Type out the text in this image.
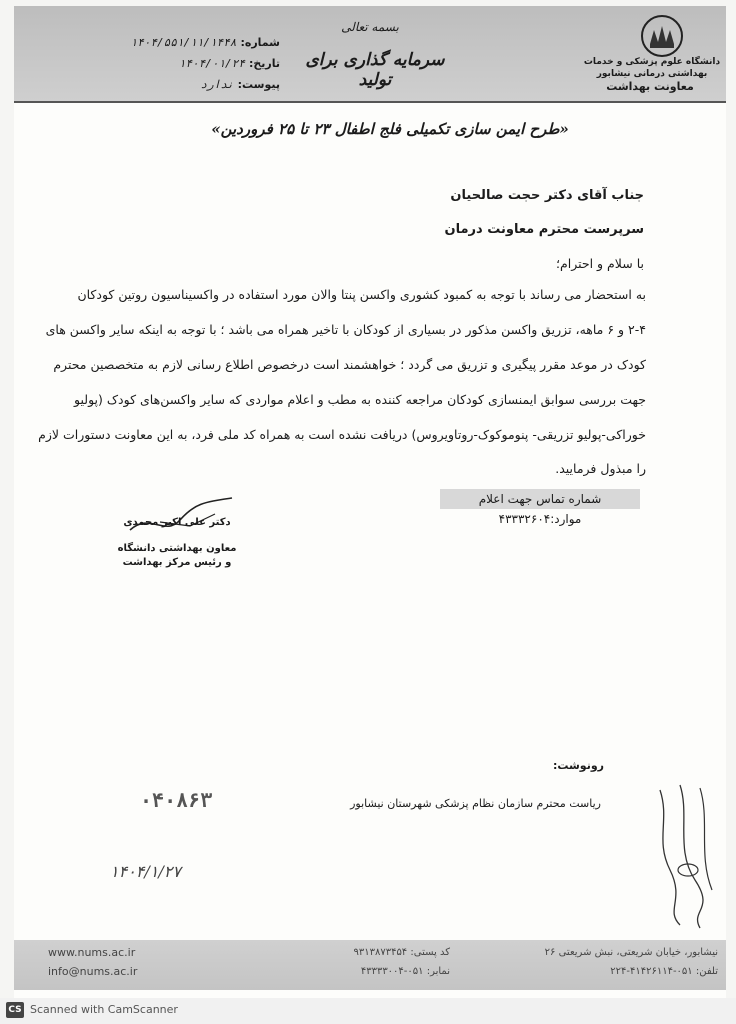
دانشگاه علوم پزشکی و خدمات بهداشتی درمانی نیشابور
معاونت بهداشت
بسمه تعالی
سرمایه گذاری برای تولید
شماره:۱۴۰۴/۵۵۱/۱۱/۱۴۴۸
تاریخ:۱۴۰۴/۰۱/۲۴
پیوست:ندارد
«طرح ایمن سازی تکمیلی فلج اطفال ۲۳ تا ۲۵ فروردین»
جناب آقای دکتر حجت صالحیان
سرپرست محترم معاونت درمان
با سلام و احترام؛
به استحضار می رساند با توجه به کمبود کشوری واکسن پنتا والان مورد استفاده در واکسیناسیون روتین کودکان
۲-۴ و ۶ ماهه، تزریق واکسن مذکور در بسیاری از کودکان با تاخیر همراه می باشد ؛ با توجه به اینکه سایر واکسن های
کودک در موعد مقرر پیگیری و تزریق می گردد ؛ خواهشمند است درخصوص اطلاع رسانی لازم به متخصصین محترم
جهت بررسی سوابق ایمنسازی کودکان مراجعه کننده به مطب و اعلام مواردی که سایر واکسن‌های کودک (پولیو
خوراکی-پولیو تزریقی- پنوموکوک-روتاویروس) دریافت نشده است به همراه کد ملی فرد، به این معاونت دستورات لازم
را مبذول فرمایید.
شماره تماس جهت اعلام موارد:۴۳۳۳۲۶۰۴
دکتر علی اکبر محمدی
معاون بهداشتی دانشگاه
و رئیس مرکز بهداشت
رونوشت:
ریاست محترم سازمان نظام پزشکی شهرستان نیشابور
۰۴۰۸۶۳
۱۴۰۴/۱/۲۷
www.nums.ac.ir
info@nums.ac.ir
کد پستی: ۹۳۱۳۸۷۳۴۵۴
نمابر: ۰۵۱-۴۳۳۳۳۰۰۴
نیشابور، خیابان شریعتی، نبش شریعتی ۲۶
تلفن: ۰۵۱-۴۱۴۲۶۱۱۴-۲۲۴
CS Scanned with CamScanner
